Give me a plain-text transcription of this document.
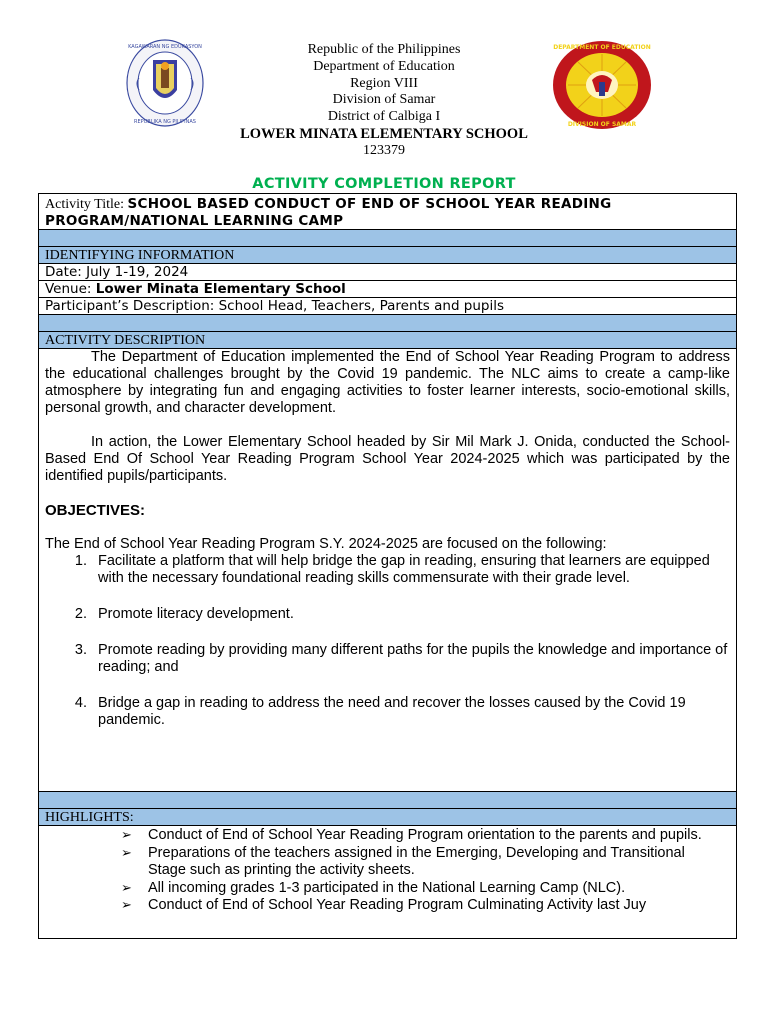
KAGAWARAN NG EDUKASYON
REPUBLIKA NG PILIPINAS
DEPARTMENT OF EDUCATION
DIVISION OF SAMAR
Republic of the Philippines
Department of Education
Region VIII
Division of Samar
District of Calbiga I
LOWER MINATA ELEMENTARY SCHOOL
123379
ACTIVITY COMPLETION REPORT
Activity Title: SCHOOL BASED CONDUCT OF END OF SCHOOL YEAR READING PROGRAM/NATIONAL LEARNING CAMP
IDENTIFYING INFORMATION
Date: July 1-19, 2024
Venue: Lower Minata Elementary School
Participant’s Description: School Head, Teachers, Parents and pupils
ACTIVITY DESCRIPTION

The Department of Education implemented the End of School Year Reading Program to address the educational challenges brought by the Covid 19 pandemic. The NLC aims to create a camp-like atmosphere by integrating fun and engaging activities to foster learner interests, socio-emotional skills, personal growth, and character development.

In action, the Lower Elementary School headed by Sir Mil Mark J. Onida, conducted the School-Based End Of School Year Reading Program School Year 2024-2025 which was participated by the identified pupils/participants.

OBJECTIVES:

The End of School Year Reading Program S.Y. 2024-2025 are focused on the following:

1. Facilitate a platform that will help bridge the gap in reading, ensuring that learners are equipped with the necessary foundational reading skills commensurate with their grade level.
2. Promote literacy development.
3. Promote reading by providing many different paths for the pupils the knowledge and importance of reading; and
4. Bridge a gap in reading to address the need and recover the losses caused by the Covid 19 pandemic.
HIGHLIGHTS:
➢ Conduct of End of School Year Reading Program orientation to the parents and pupils.
➢ Preparations of the teachers assigned in the Emerging, Developing and Transitional Stage such as printing the activity sheets.
➢ All incoming grades 1-3 participated in the National Learning Camp (NLC).
➢ Conduct of End of School Year Reading Program Culminating Activity last Juy
